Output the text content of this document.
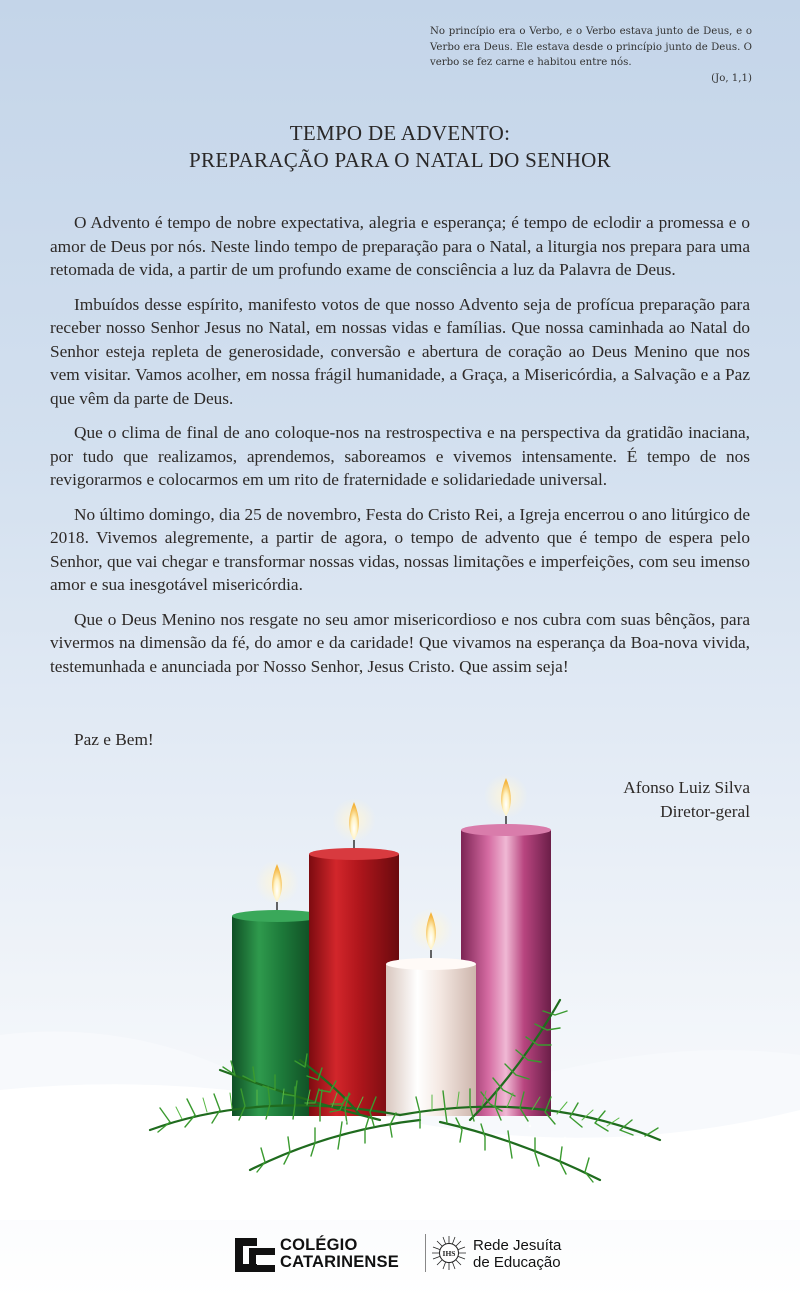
No princípio era o Verbo, e o Verbo estava junto de Deus, e o Verbo era Deus. Ele estava desde o princípio junto de Deus. O verbo se fez carne e habitou entre nós.
(Jo, 1,1)
TEMPO DE ADVENTO:
PREPARAÇÃO PARA O NATAL DO SENHOR

O Advento é tempo de nobre expectativa, alegria e esperança; é tempo de eclodir a promessa e o amor de Deus por nós. Neste lindo tempo de preparação para o Natal, a liturgia nos prepara para uma retomada de vida, a partir de um profundo exame de consciência a luz da Palavra de Deus.

Imbuídos desse espírito, manifesto votos de que nosso Advento seja de profícua preparação para receber nosso Senhor Jesus no Natal, em nossas vidas e famílias. Que nossa caminhada ao Natal do Senhor esteja repleta de generosidade, conversão e abertura de coração ao Deus Menino que nos vem visitar. Vamos acolher, em nossa frágil humanidade, a Graça, a Misericórdia, a Salvação e a Paz que vêm da parte de Deus.

Que o clima de final de ano coloque-nos na restrospectiva e na perspectiva da gratidão inaciana, por tudo que realizamos, aprendemos, saboreamos e vivemos intensamente. É tempo de nos revigorarmos e colocarmos em um rito de fraternidade e solidariedade universal.

No último domingo, dia 25 de novembro, Festa do Cristo Rei, a Igreja encerrou o ano litúrgico de 2018. Vivemos alegremente, a partir de agora, o tempo de advento que é tempo de espera pelo Senhor, que vai chegar e transformar nossas vidas, nossas limitações e imperfeições, com seu imenso amor e sua inesgotável misericórdia.

Que o Deus Menino nos resgate no seu amor misericordioso e nos cubra com suas bênçãos, para vivermos na dimensão da fé, do amor e da caridade! Que vivamos na esperança da Boa-nova vivida, testemunhada e anunciada por Nosso Senhor, Jesus Cristo. Que assim seja!

Paz e Bem!
Afonso Luiz Silva
Diretor-geral
COLÉGIO
CATARINENSE	IHS Rede Jesuíta
de Educação
